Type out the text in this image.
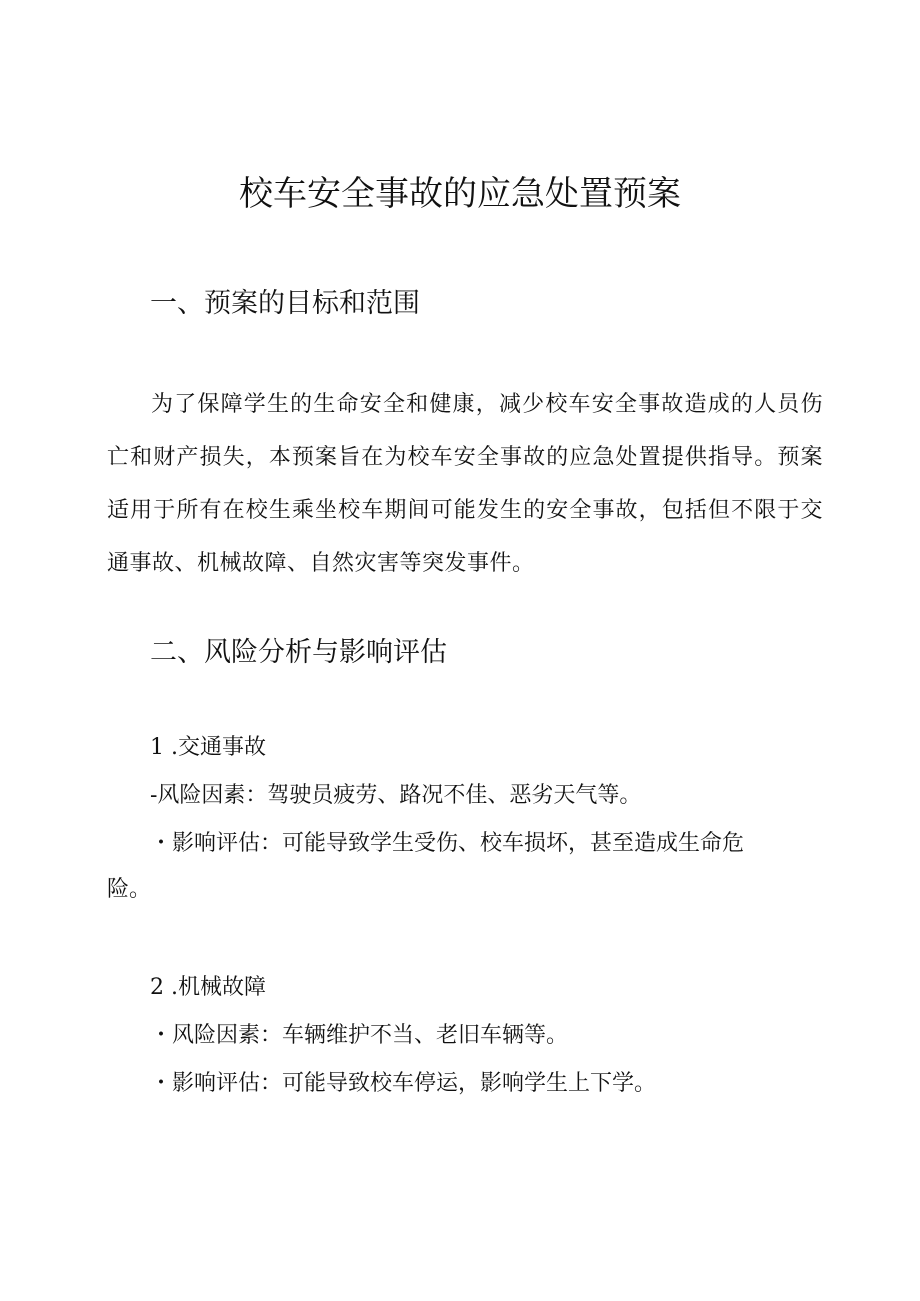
校车安全事故的应急处置预案
一、预案的目标和范围

为了保障学生的生命安全和健康，减少校车安全事故造成的人员伤亡和财产损失，本预案旨在为校车安全事故的应急处置提供指导。预案适用于所有在校生乘坐校车期间可能发生的安全事故，包括但不限于交通事故、机械故障、自然灾害等突发事件。

二、风险分析与影响评估

1 .交通事故

-风险因素：驾驶员疲劳、路况不佳、恶劣天气等。

・影响评估：可能导致学生受伤、校车损坏，甚至造成生命危险。

2 .机械故障

・风险因素：车辆维护不当、老旧车辆等。

・影响评估：可能导致校车停运，影响学生上下学。
